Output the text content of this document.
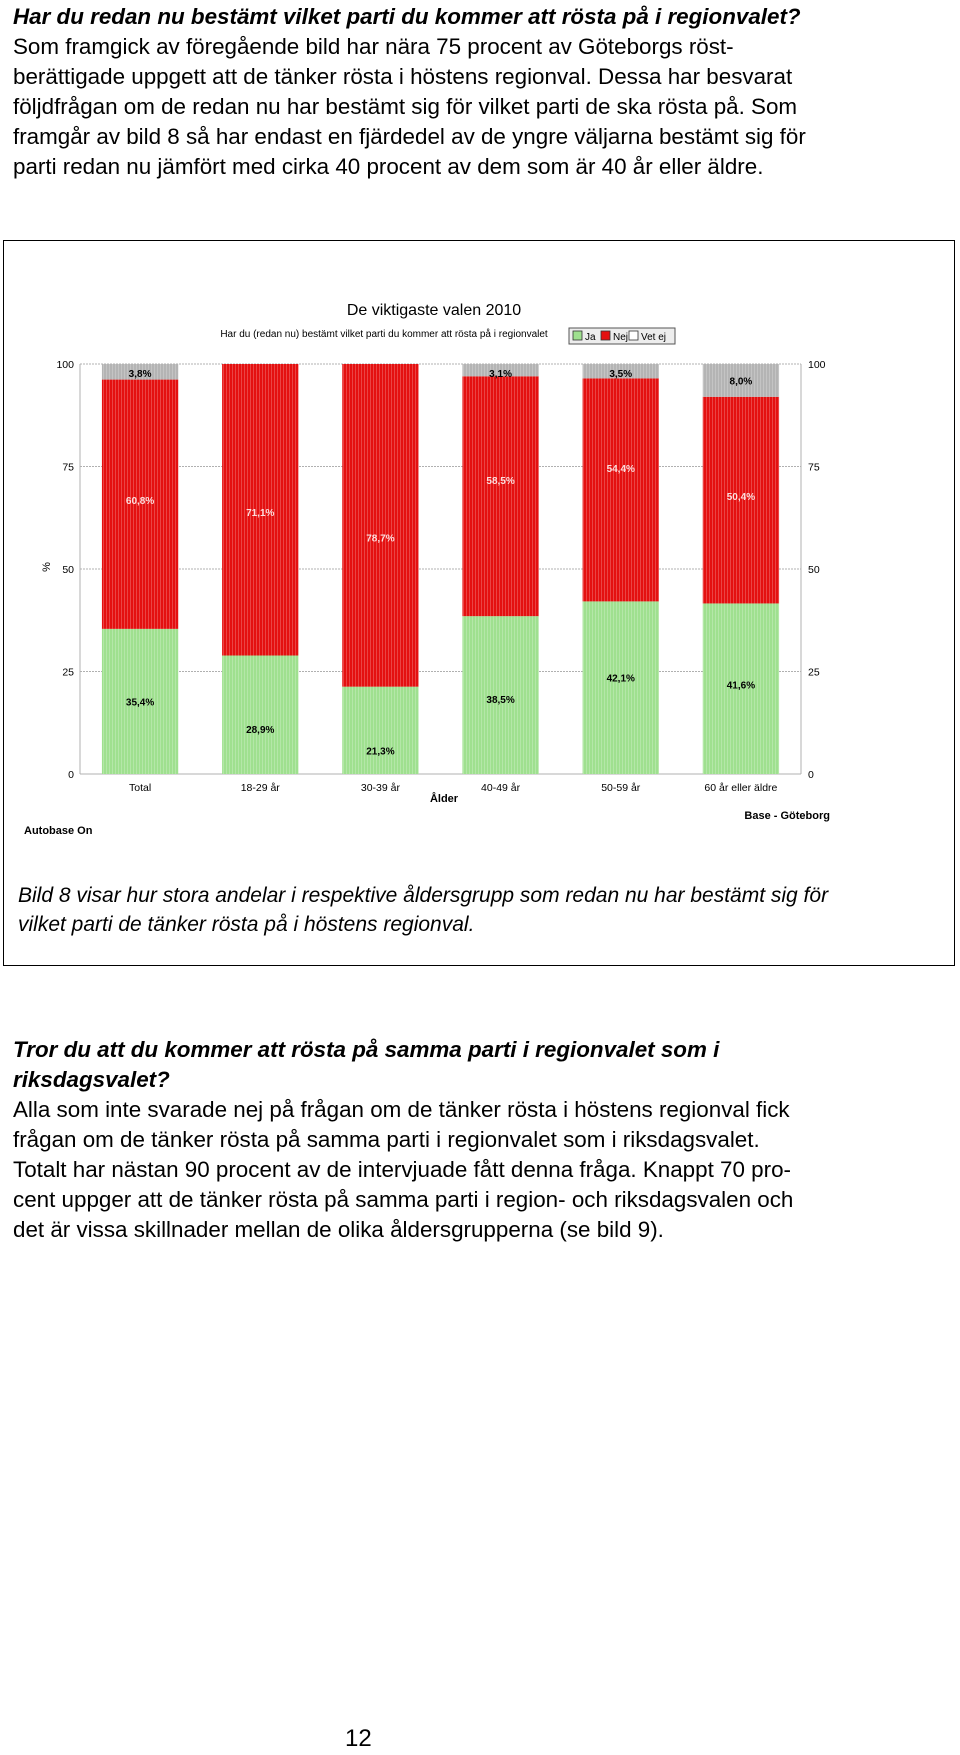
Har du redan nu bestämt vilket parti du kommer att rösta på i regionvalet?
Som framgick av föregående bild har nära 75 procent av Göteborgs röst-
berättigade uppgett att de tänker rösta i höstens regionval. Dessa har besvarat
följdfrågan om de redan nu har bestämt sig för vilket parti de ska rösta på. Som
framgår av bild 8 så har endast en fjärdedel av de yngre väljarna bestämt sig för
parti redan nu jämfört med cirka 40 procent av dem som är 40 år eller äldre.
De viktigaste valen 2010
Har du (redan nu) bestämt vilket parti du kommer att rösta på i regionvalet	Ja Nej Vet ej
0	0
25	25
50	50
75	75
100	100
%
35,4%
60,8%
3,8%
28,9%
71,1%
21,3%
78,7%
38,5%
58,5%
3,1%
42,1%
54,4%
3,5%
41,6%
50,4%
8,0%
Total	18-29 år	30-39 år	40-49 år	50-59 år	60 år eller äldre
Ålder
Autobase On
Base - Göteborg

Bild 8 visar hur stora andelar i respektive åldersgrupp som redan nu har bestämt sig för
vilket parti de tänker rösta på i höstens regionval.

Tror du att du kommer att rösta på samma parti i regionvalet som i
riksdagsvalet?
Alla som inte svarade nej på frågan om de tänker rösta i höstens regionval fick
frågan om de tänker rösta på samma parti i regionvalet som i riksdagsvalet.
Totalt har nästan 90 procent av de intervjuade fått denna fråga. Knappt 70 pro-
cent uppger att de tänker rösta på samma parti i region- och riksdagsvalen och
det är vissa skillnader mellan de olika åldersgrupperna (se bild 9).
12
